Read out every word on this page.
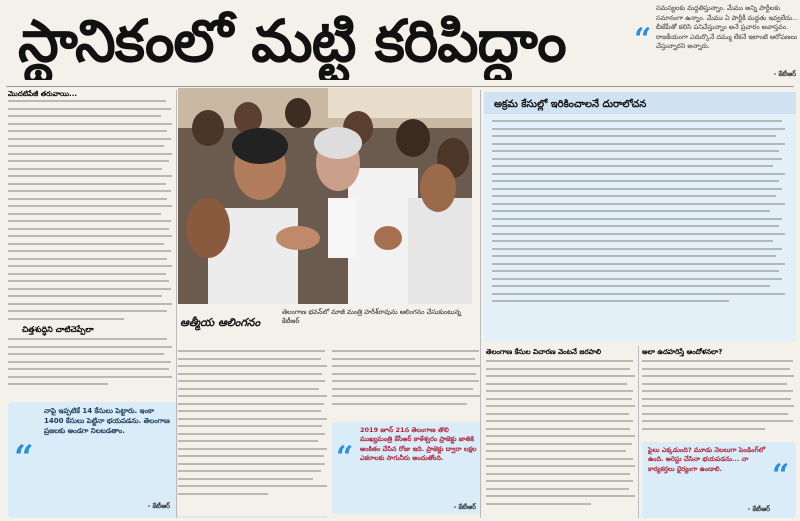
స్థానికంలో మట్టి కరిపిద్దాం	“
సమస్యలకు మద్దతిస్తున్నాం. మేము అన్ని పార్టీలకు సమానంగా ఉన్నాం. మేము ఏ పార్టీకీ మద్దతు ఇవ్వలేదు... బీజేపీతో కలిసి పనిచేస్తున్నాం అనే ప్రచారం అవాస్తవం. రాజకీయంగా ఎదుర్కొనే దమ్ము లేకనే ఇలాంటి ఆరోపణలు చేస్తున్నారని అన్నారు.
- కేటీఆర్
మొదటిపేజీ తరువాయి...
చిత్తశుద్ధిని చాటిచెప్పేలా
“
నాపై ఇప్పటికే 14 కేసులు పెట్టారు. ఇంకా 1400 కేసులు పెట్టినా భయపడను. తెలంగాణ ప్రజలకు అండగా నిలబడతాం.
- కేటీఆర్
ఆత్మీయ ఆలింగనం
తెలంగాణ భవన్‌లో మాజీ మంత్రి హరీశ్‌రావును ఆలింగనం చేసుకుంటున్న కేటీఆర్
“
2019 జూన్ 21న తెలంగాణ తొలి ముఖ్యమంత్రి కేసీఆర్ కాళేశ్వరం ప్రాజెక్టు జాతికి అంకితం చేసిన రోజు ఇది. ప్రాజెక్టు ద్వారా లక్షల ఎకరాలకు సాగునీరు అందుతోంది.
- కేటీఆర్
అక్రమ కేసుల్లో ఇరికించాలనే దురాలోచన
తెలంగాణ కేసుల విచారణ వెంటనే జరపాలి	అలా ఉదహరిస్తే ఆందోళనలా?
“
ఫైలు ఎక్కడుంది? మూడు నెలలుగా పెండింగ్‌లో ఉంది. అరెస్టు చేసినా భయపడను... నా కార్యకర్తలు ధైర్యంగా ఉండాలి.
- కేటీఆర్
